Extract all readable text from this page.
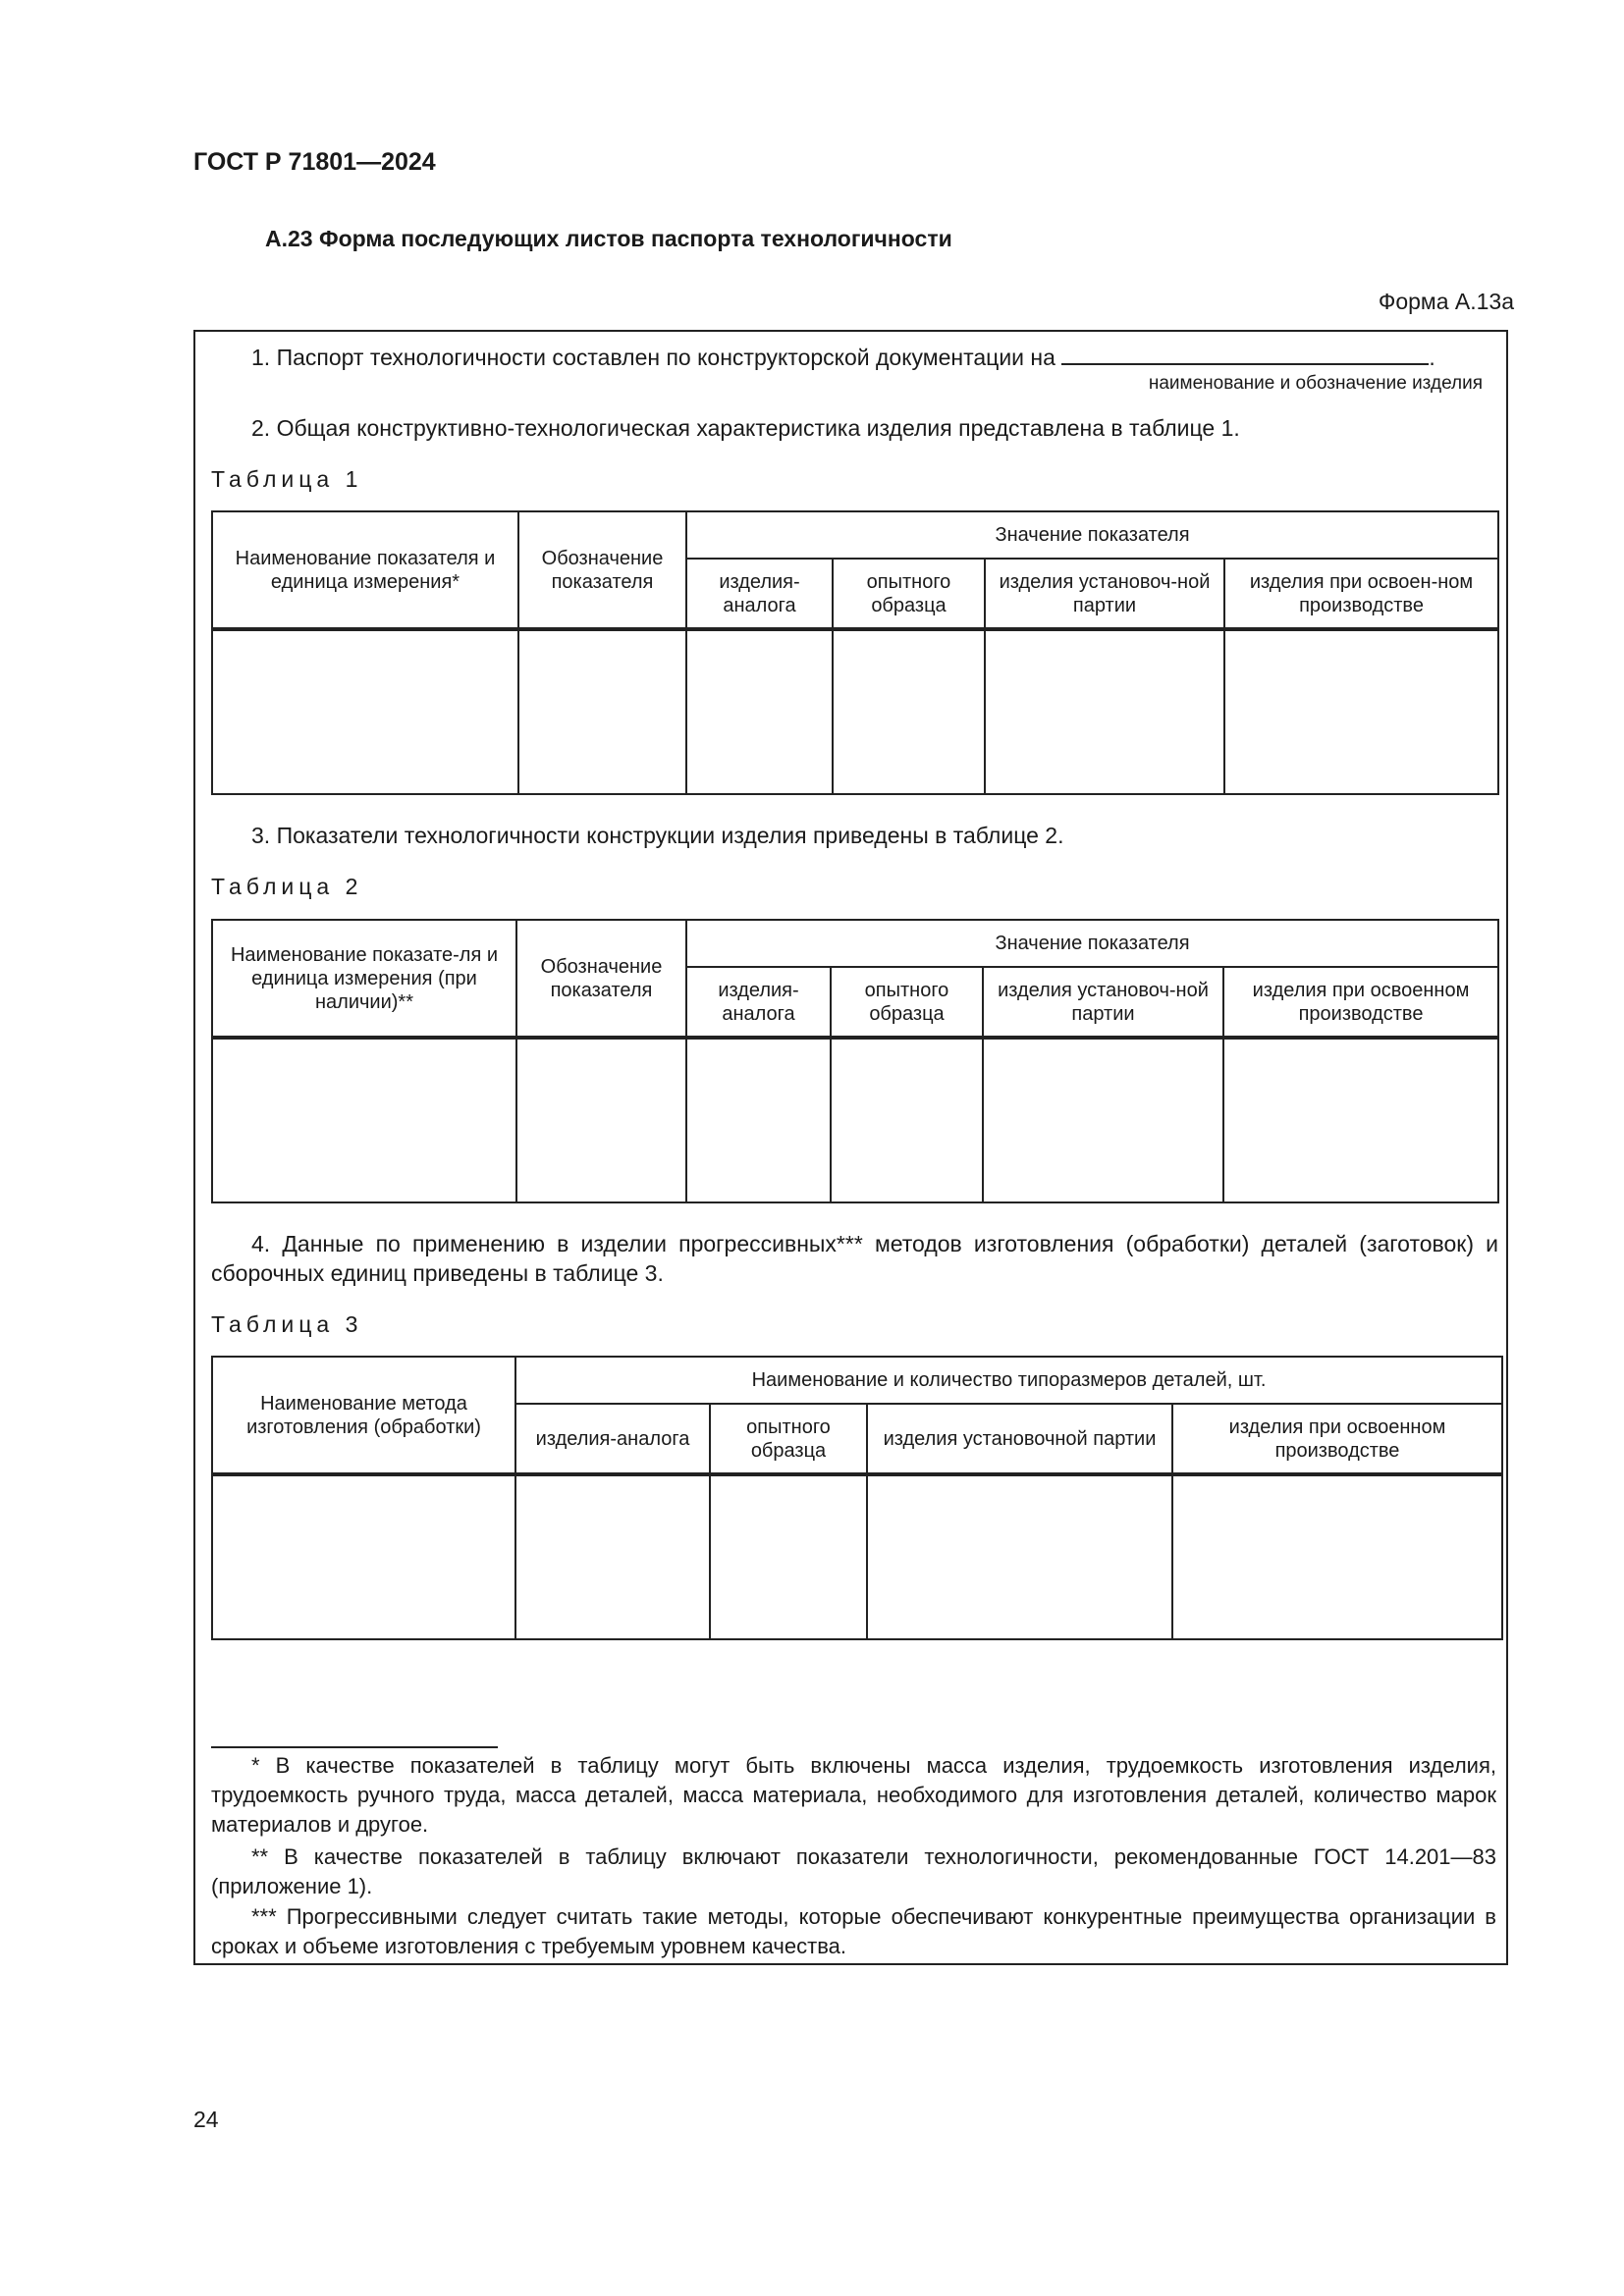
ГОСТ Р 71801—2024
А.23 Форма последующих листов паспорта технологичности
Форма А.13а
1. Паспорт технологичности составлен по конструкторской документации на	.
наименование и обозначение изделия
2. Общая конструктивно-технологическая характеристика изделия представлена в таблице 1.
Таблица 1
Наименование показателя и единица измерения*	Обозначение показателя	Значение показателя			
		изделия-аналога	опытного образца	изделия установоч-ной партии	изделия при освоен-ном производстве

3. Показатели технологичности конструкции изделия приведены в таблице 2.
Таблица 2
Наименование показате-ля и единица измерения (при наличии)**	Обозначение показателя	Значение показателя			
		изделия-аналога	опытного образца	изделия установоч-ной партии	изделия при освоенном производстве

4. Данные по применению в изделии прогрессивных*** методов изготовления (обработки) деталей (заготовок) и сборочных единиц приведены в таблице 3.
Таблица 3
Наименование метода изготовления (обработки)	Наименование и количество типоразмеров деталей, шт.			
	изделия-аналога	опытного образца	изделия установочной партии	изделия при освоенном производстве

* В качестве показателей в таблицу могут быть включены масса изделия, трудоемкость изготовления изделия, трудоемкость ручного труда, масса деталей, масса материала, необходимого для изготовления деталей, количество марок материалов и другое.
** В качестве показателей в таблицу включают показатели технологичности, рекомендованные ГОСТ 14.201—83 (приложение 1).
*** Прогрессивными следует считать такие методы, которые обеспечивают конкурентные преимущества организации в сроках и объеме изготовления с требуемым уровнем качества.
24
